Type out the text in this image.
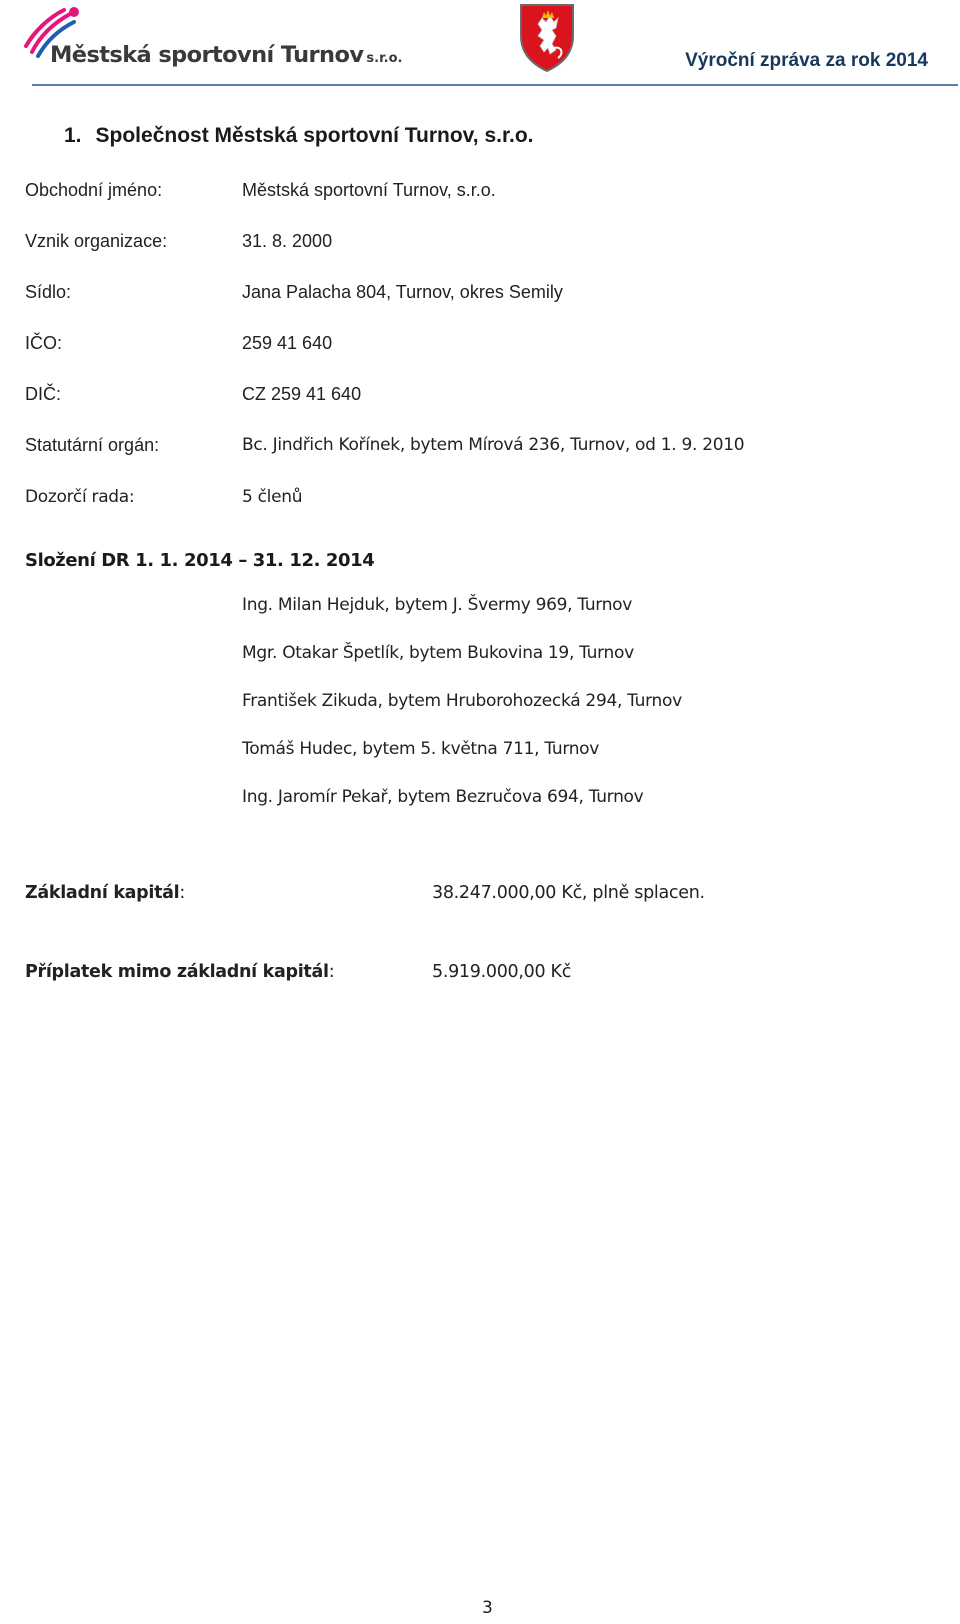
Městská sportovní Turnov s.r.o.	Výroční zpráva za rok 2014
1. Společnost Městská sportovní Turnov, s.r.o.
Obchodní jméno:	Městská sportovní Turnov, s.r.o.
Vznik organizace:	31. 8. 2000
Sídlo:	Jana Palacha 804, Turnov, okres Semily
IČO:	259 41 640
DIČ:	CZ 259 41 640
Statutární orgán:	Bc. Jindřich Kořínek, bytem Mírová 236, Turnov, od 1. 9. 2010
Dozorčí rada:	5 členů
Složení DR 1. 1. 2014 – 31. 12. 2014
Ing. Milan Hejduk, bytem J. Švermy 969, Turnov
Mgr. Otakar Špetlík, bytem Bukovina 19, Turnov
František Zikuda, bytem Hruborohozecká 294, Turnov
Tomáš Hudec, bytem 5. května 711, Turnov
Ing. Jaromír Pekař, bytem Bezručova 694, Turnov
Základní kapitál:	38.247.000,00 Kč, plně splacen.
Příplatek mimo základní kapitál:	5.919.000,00 Kč
3
